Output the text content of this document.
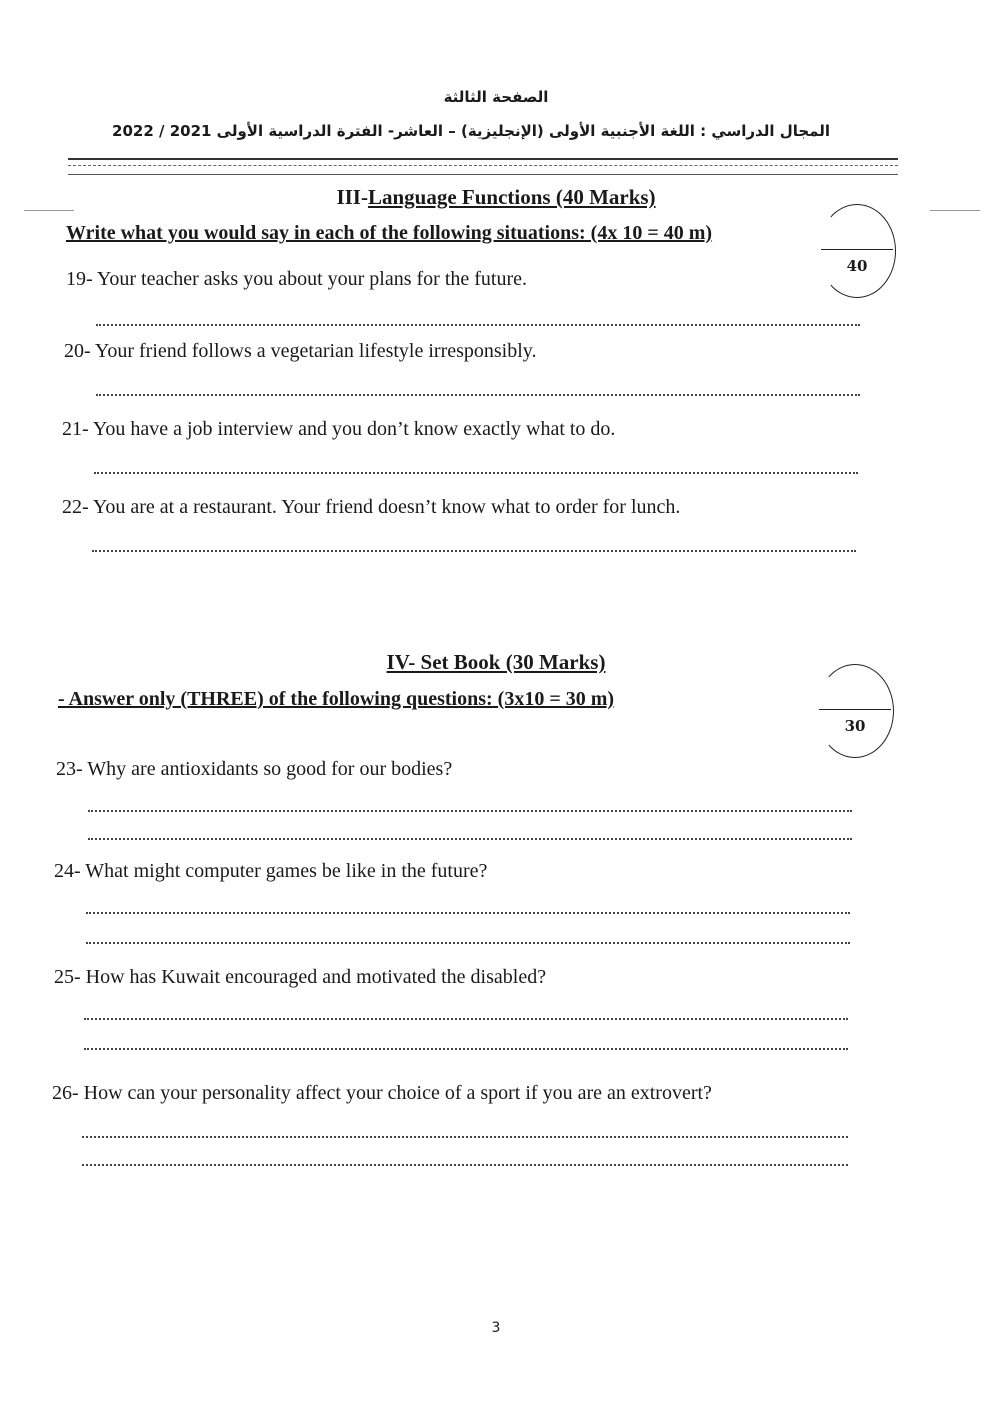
الصفحة الثالثة
المجال الدراسي : اللغة الأجنبية الأولى (الإنجليزية) – العاشر- الفترة الدراسية الأولى 2021 / 2022
III-Language Functions (40 Marks)
Write what you would say in each of the following situations: (4x 10 = 40 m)
40
19- Your teacher asks you about your plans for the future.
20- Your friend follows a vegetarian lifestyle irresponsibly.
21- You have a job interview and you don’t know exactly what to do.
22- You are at a restaurant. Your friend doesn’t know what to order for lunch.
IV- Set Book (30 Marks)
- Answer only (THREE) of the following questions: (3x10 = 30 m)
30
23- Why are antioxidants so good for our bodies?
24- What might computer games be like in the future?
25- How has Kuwait encouraged and motivated the disabled?
26- How can your personality affect your choice of a sport if you are an extrovert?
3
